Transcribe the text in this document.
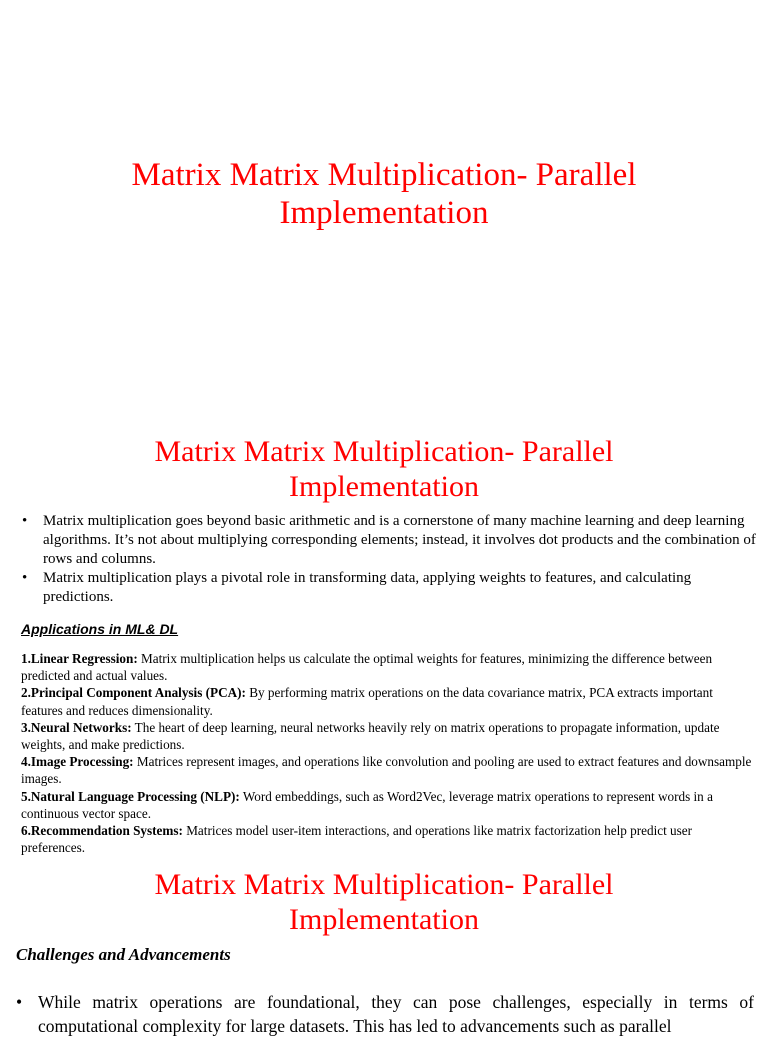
Matrix Matrix Multiplication- Parallel
Implementation
Matrix Matrix Multiplication- Parallel
Implementation
• Matrix multiplication goes beyond basic arithmetic and is a cornerstone of many machine learning and deep learning algorithms. It’s not about multiplying corresponding elements; instead, it involves dot products and the combination of rows and columns.
• Matrix multiplication plays a pivotal role in transforming data, applying weights to features, and calculating predictions.

Applications in ML& DL

1.Linear Regression: Matrix multiplication helps us calculate the optimal weights for features, minimizing the difference between predicted and actual values.
2.Principal Component Analysis (PCA): By performing matrix operations on the data covariance matrix, PCA extracts important features and reduces dimensionality.
3.Neural Networks: The heart of deep learning, neural networks heavily rely on matrix operations to propagate information, update weights, and make predictions.
4.Image Processing: Matrices represent images, and operations like convolution and pooling are used to extract features and downsample images.
5.Natural Language Processing (NLP): Word embeddings, such as Word2Vec, leverage matrix operations to represent words in a continuous vector space.
6.Recommendation Systems: Matrices model user-item interactions, and operations like matrix factorization help predict user preferences.
Matrix Matrix Multiplication- Parallel
Implementation

Challenges and Advancements

• While matrix operations are foundational, they can pose challenges, especially in terms of computational complexity for large datasets. This has led to advancements such as parallel
